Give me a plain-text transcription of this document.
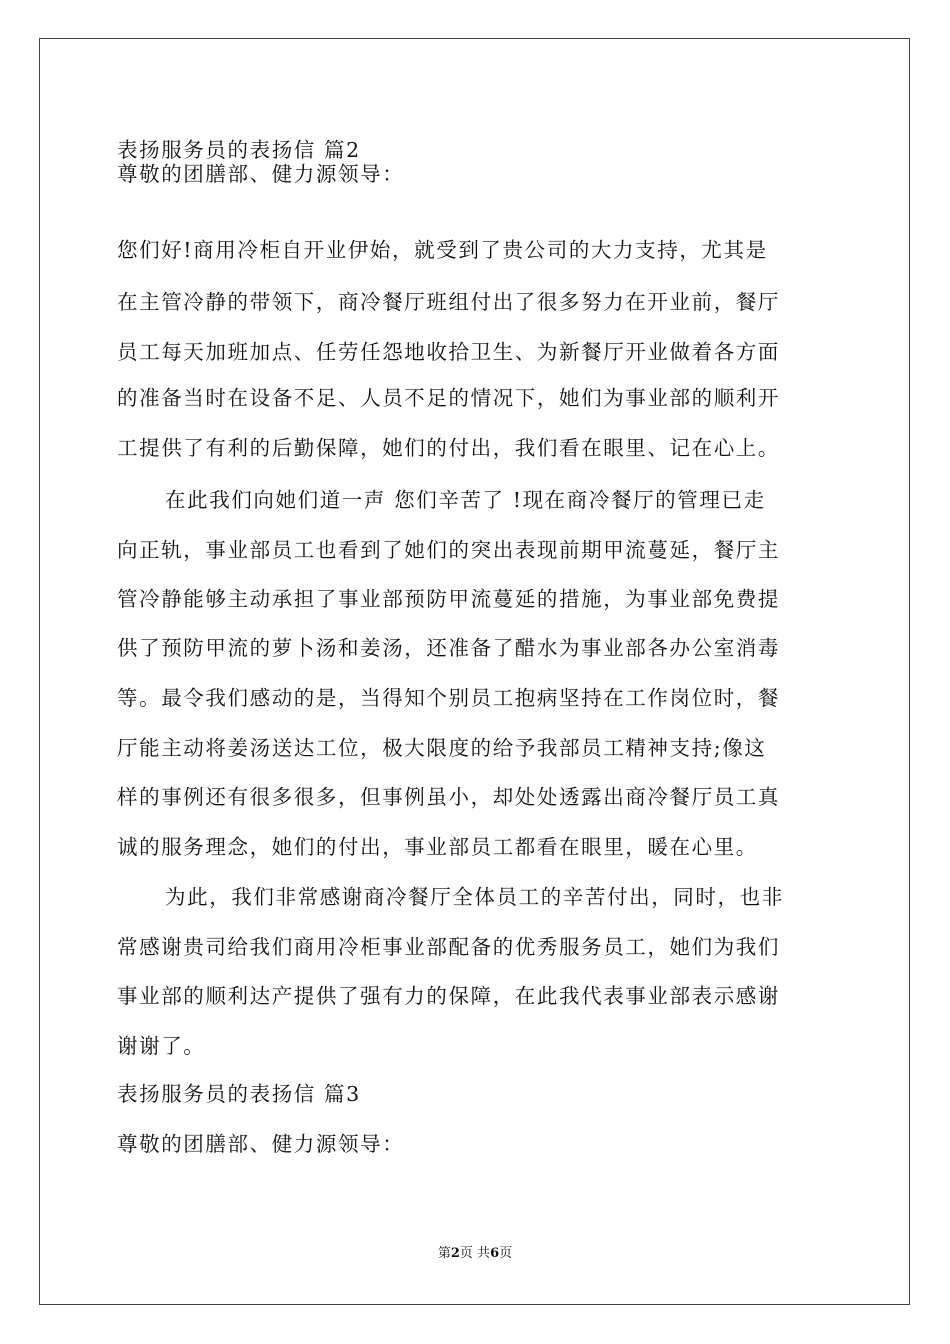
表扬服务员的表扬信 篇2
尊敬的团膳部、健力源领导：
您们好!商用冷柜自开业伊始，就受到了贵公司的大力支持，尤其是
在主管冷静的带领下，商冷餐厅班组付出了很多努力在开业前，餐厅
员工每天加班加点、任劳任怨地收拾卫生、为新餐厅开业做着各方面
的准备当时在设备不足、人员不足的情况下，她们为事业部的顺利开
工提供了有利的后勤保障，她们的付出，我们看在眼里、记在心上。
在此我们向她们道一声 您们辛苦了 !现在商冷餐厅的管理已走
向正轨，事业部员工也看到了她们的突出表现前期甲流蔓延，餐厅主
管冷静能够主动承担了事业部预防甲流蔓延的措施，为事业部免费提
供了预防甲流的萝卜汤和姜汤，还准备了醋水为事业部各办公室消毒
等。最令我们感动的是，当得知个别员工抱病坚持在工作岗位时，餐
厅能主动将姜汤送达工位，极大限度的给予我部员工精神支持;像这
样的事例还有很多很多，但事例虽小，却处处透露出商冷餐厅员工真
诚的服务理念，她们的付出，事业部员工都看在眼里，暖在心里。
为此，我们非常感谢商冷餐厅全体员工的辛苦付出，同时，也非
常感谢贵司给我们商用冷柜事业部配备的优秀服务员工，她们为我们
事业部的顺利达产提供了强有力的保障，在此我代表事业部表示感谢
谢谢了。
表扬服务员的表扬信 篇3
尊敬的团膳部、健力源领导：
第2页 共6页
